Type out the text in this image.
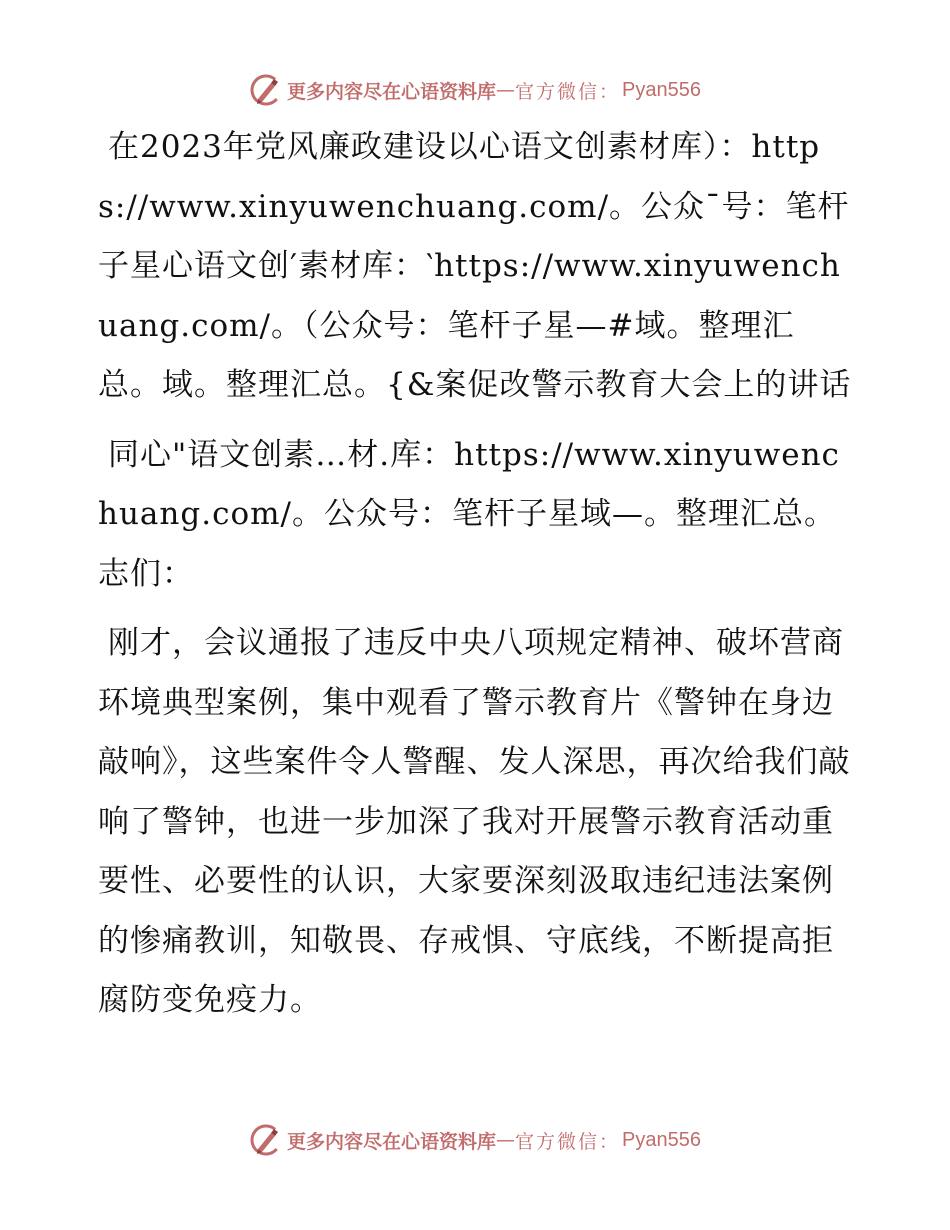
更多内容尽在心语资料库 — 官方微信： Pyan556

在2023年党风廉政建设以心语文创素材库）：https://www.xinyuwenchuang.com/。公众¯号：笔杆子星心语文创′素材库：‵https://www.xinyuwenchuang.com/。（公众号：笔杆子星—#域。整理汇总。域。整理汇总。{&案促改警示教育大会上的讲话

同心"语文创素…材.库：https://www.xinyuwenchuang.com/。公众号：笔杆子星域—。整理汇总。志们：

刚才，会议通报了违反中央八项规定精神、破坏营商环境典型案例，集中观看了警示教育片《警钟在身边敲响》，这些案件令人警醒、发人深思，再次给我们敲响了警钟，也进一步加深了我对开展警示教育活动重要性、必要性的认识，大家要深刻汲取违纪违法案例的惨痛教训，知敬畏、存戒惧、守底线，不断提高拒腐防变免疫力。

更多内容尽在心语资料库 — 官方微信： Pyan556
